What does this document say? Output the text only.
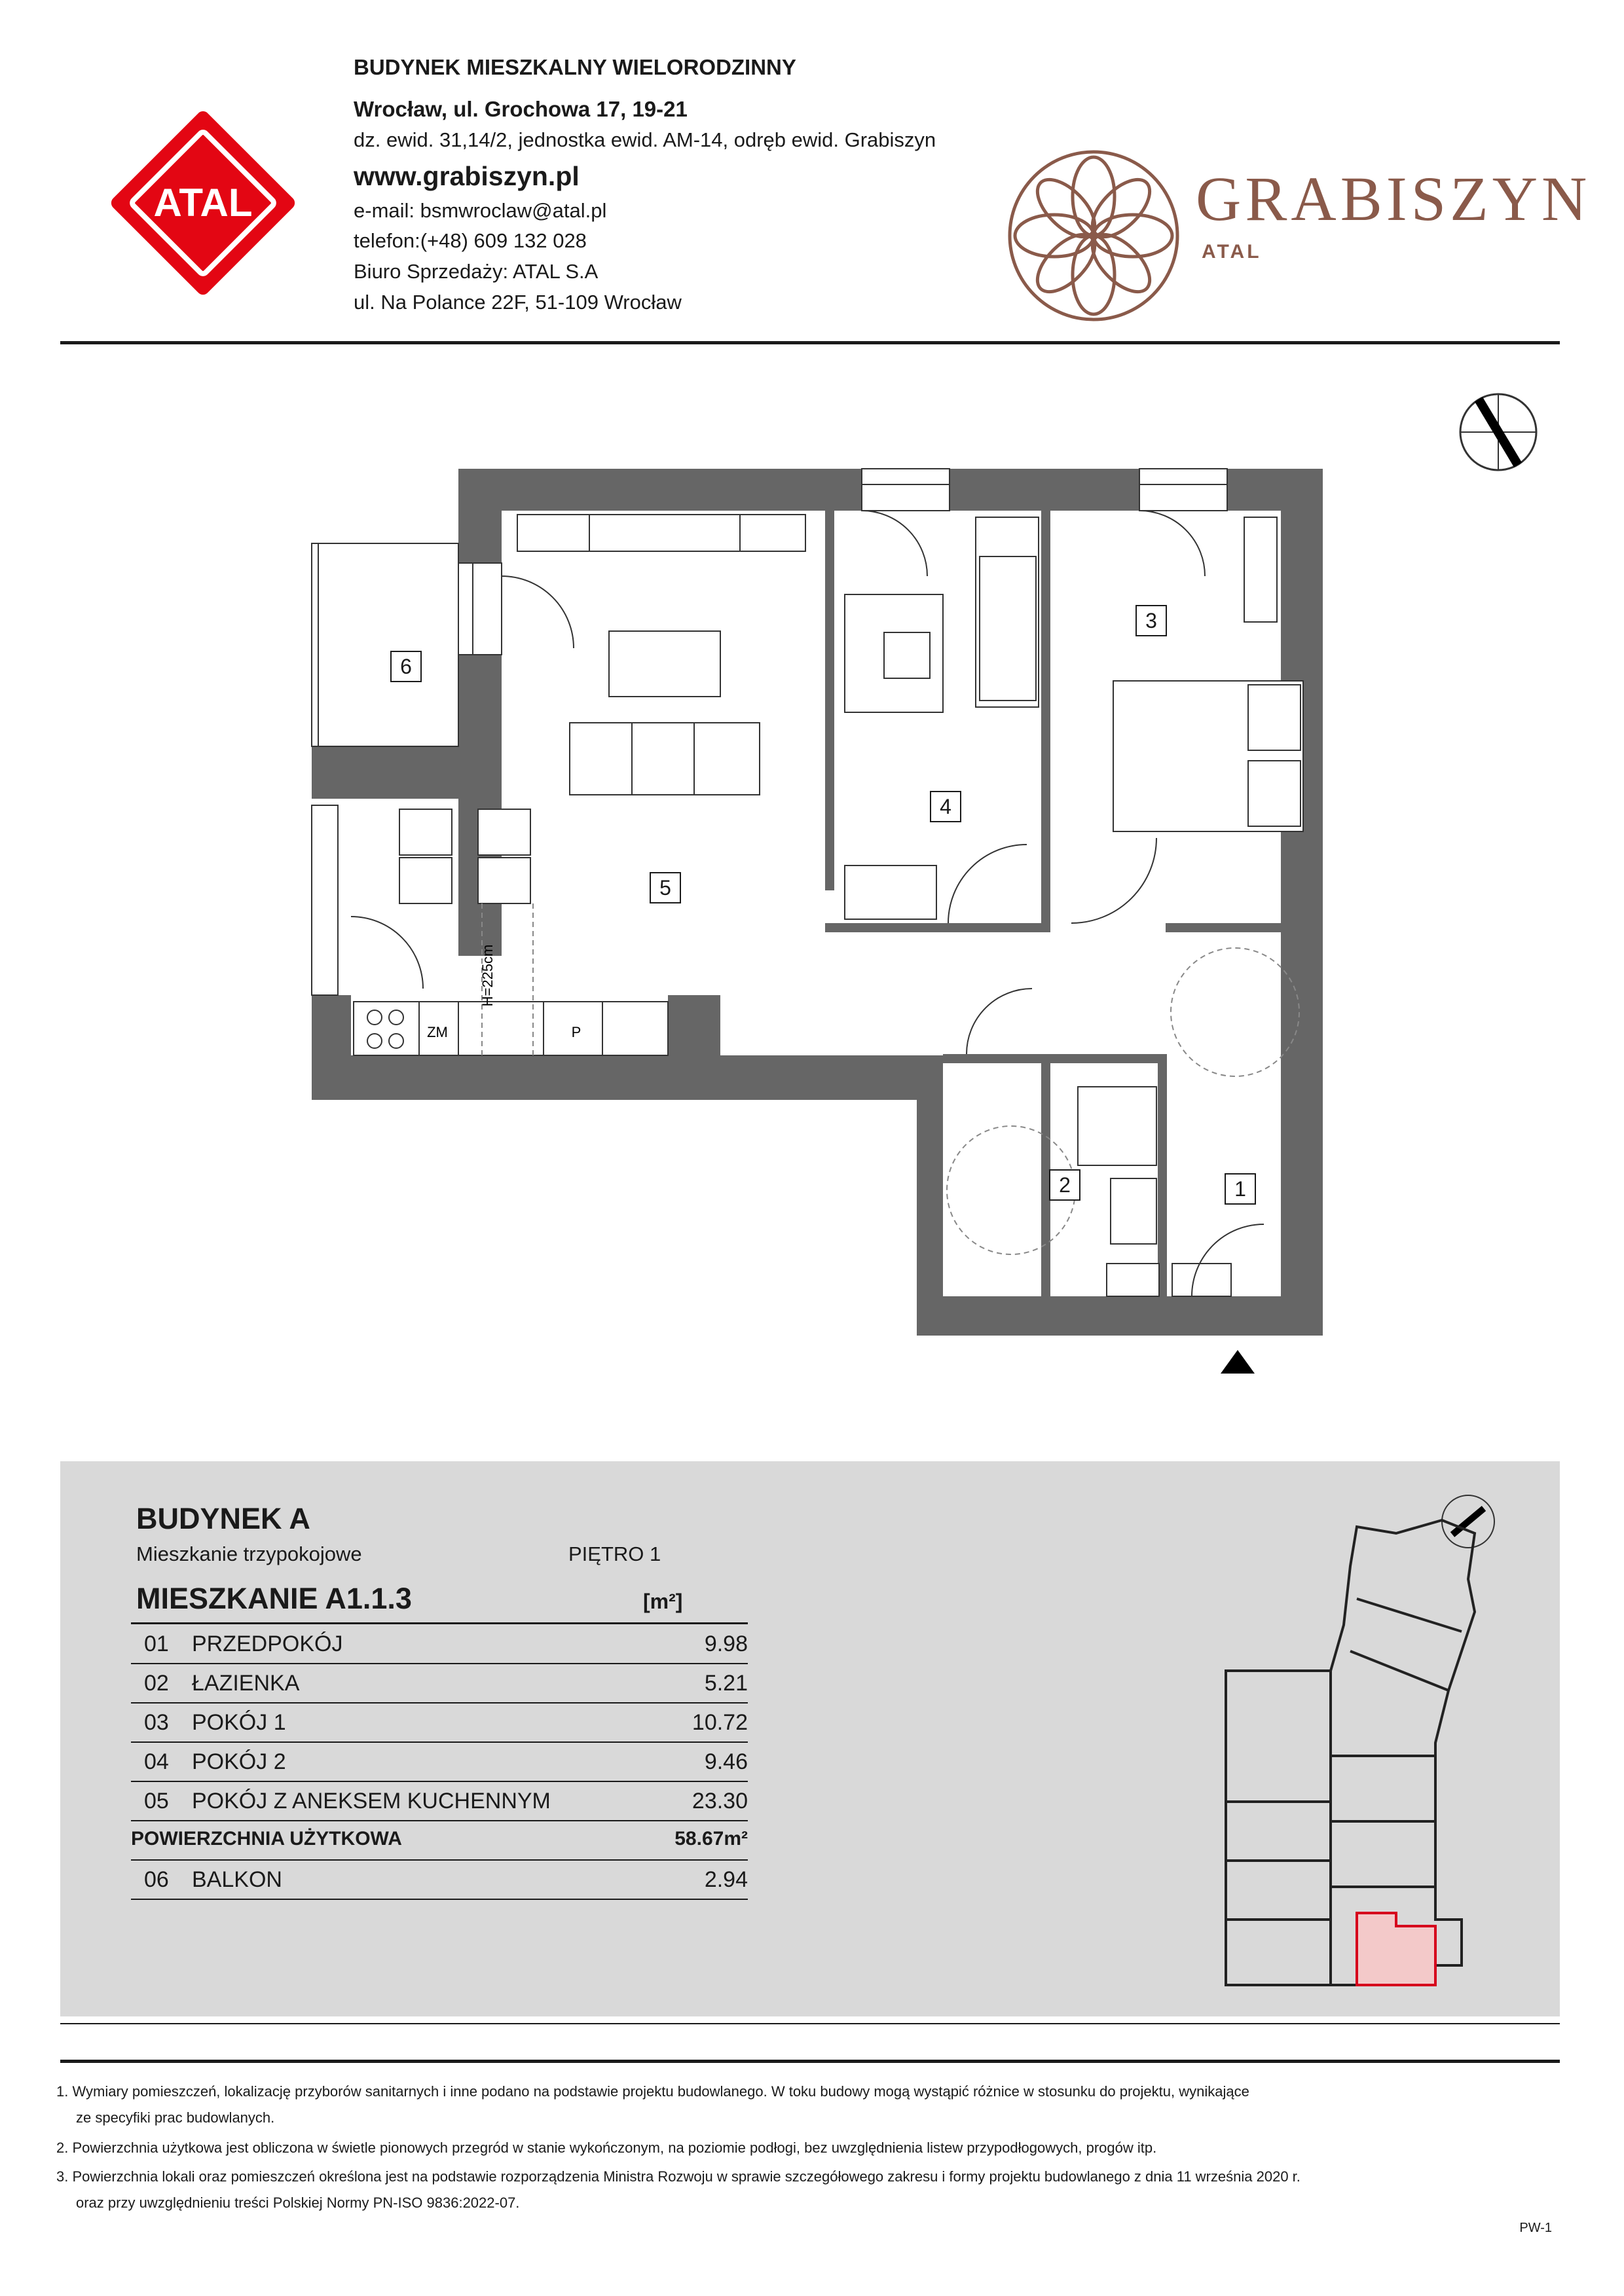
ATAL
BUDYNEK MIESZKALNY WIELORODZINNY
Wrocław, ul. Grochowa 17, 19-21
dz. ewid. 31,14/2, jednostka ewid. AM-14, odręb ewid. Grabiszyn
www.grabiszyn.pl
e-mail: bsmwroclaw@atal.pl
telefon:(+48) 609 132 028
Biuro Sprzedaży: ATAL S.A
ul. Na Polance 22F, 51-109 Wrocław
GRABISZYN
ATAL
ZM	P
H=225cm
1
2
3
4
5
6
BUDYNEK A
Mieszkanie trzypokojowe	PIĘTRO 1
MIESZKANIE A1.1.3	[m²]
01 PRZEDPOKÓJ	9.98
02 ŁAZIENKA	5.21
03 POKÓJ 1	10.72
04 POKÓJ 2	9.46
05 POKÓJ Z ANEKSEM KUCHENNYM	23.30
POWIERZCHNIA UŻYTKOWA	58.67m²
06 BALKON	2.94
1. Wymiary pomieszczeń, lokalizację przyborów sanitarnych i inne podano na podstawie projektu budowlanego. W toku budowy mogą wystąpić różnice w stosunku do projektu, wynikające
ze specyfiki prac budowlanych.
2. Powierzchnia użytkowa jest obliczona w świetle pionowych przegród w stanie wykończonym, na poziomie podłogi, bez uwzględnienia listew przypodłogowych, progów itp.
3. Powierzchnia lokali oraz pomieszczeń określona jest na podstawie rozporządzenia Ministra Rozwoju w sprawie szczegółowego zakresu i formy projektu budowlanego z dnia 11 września 2020 r.
oraz przy uwzględnieniu treści Polskiej Normy PN-ISO 9836:2022-07.
PW-1
